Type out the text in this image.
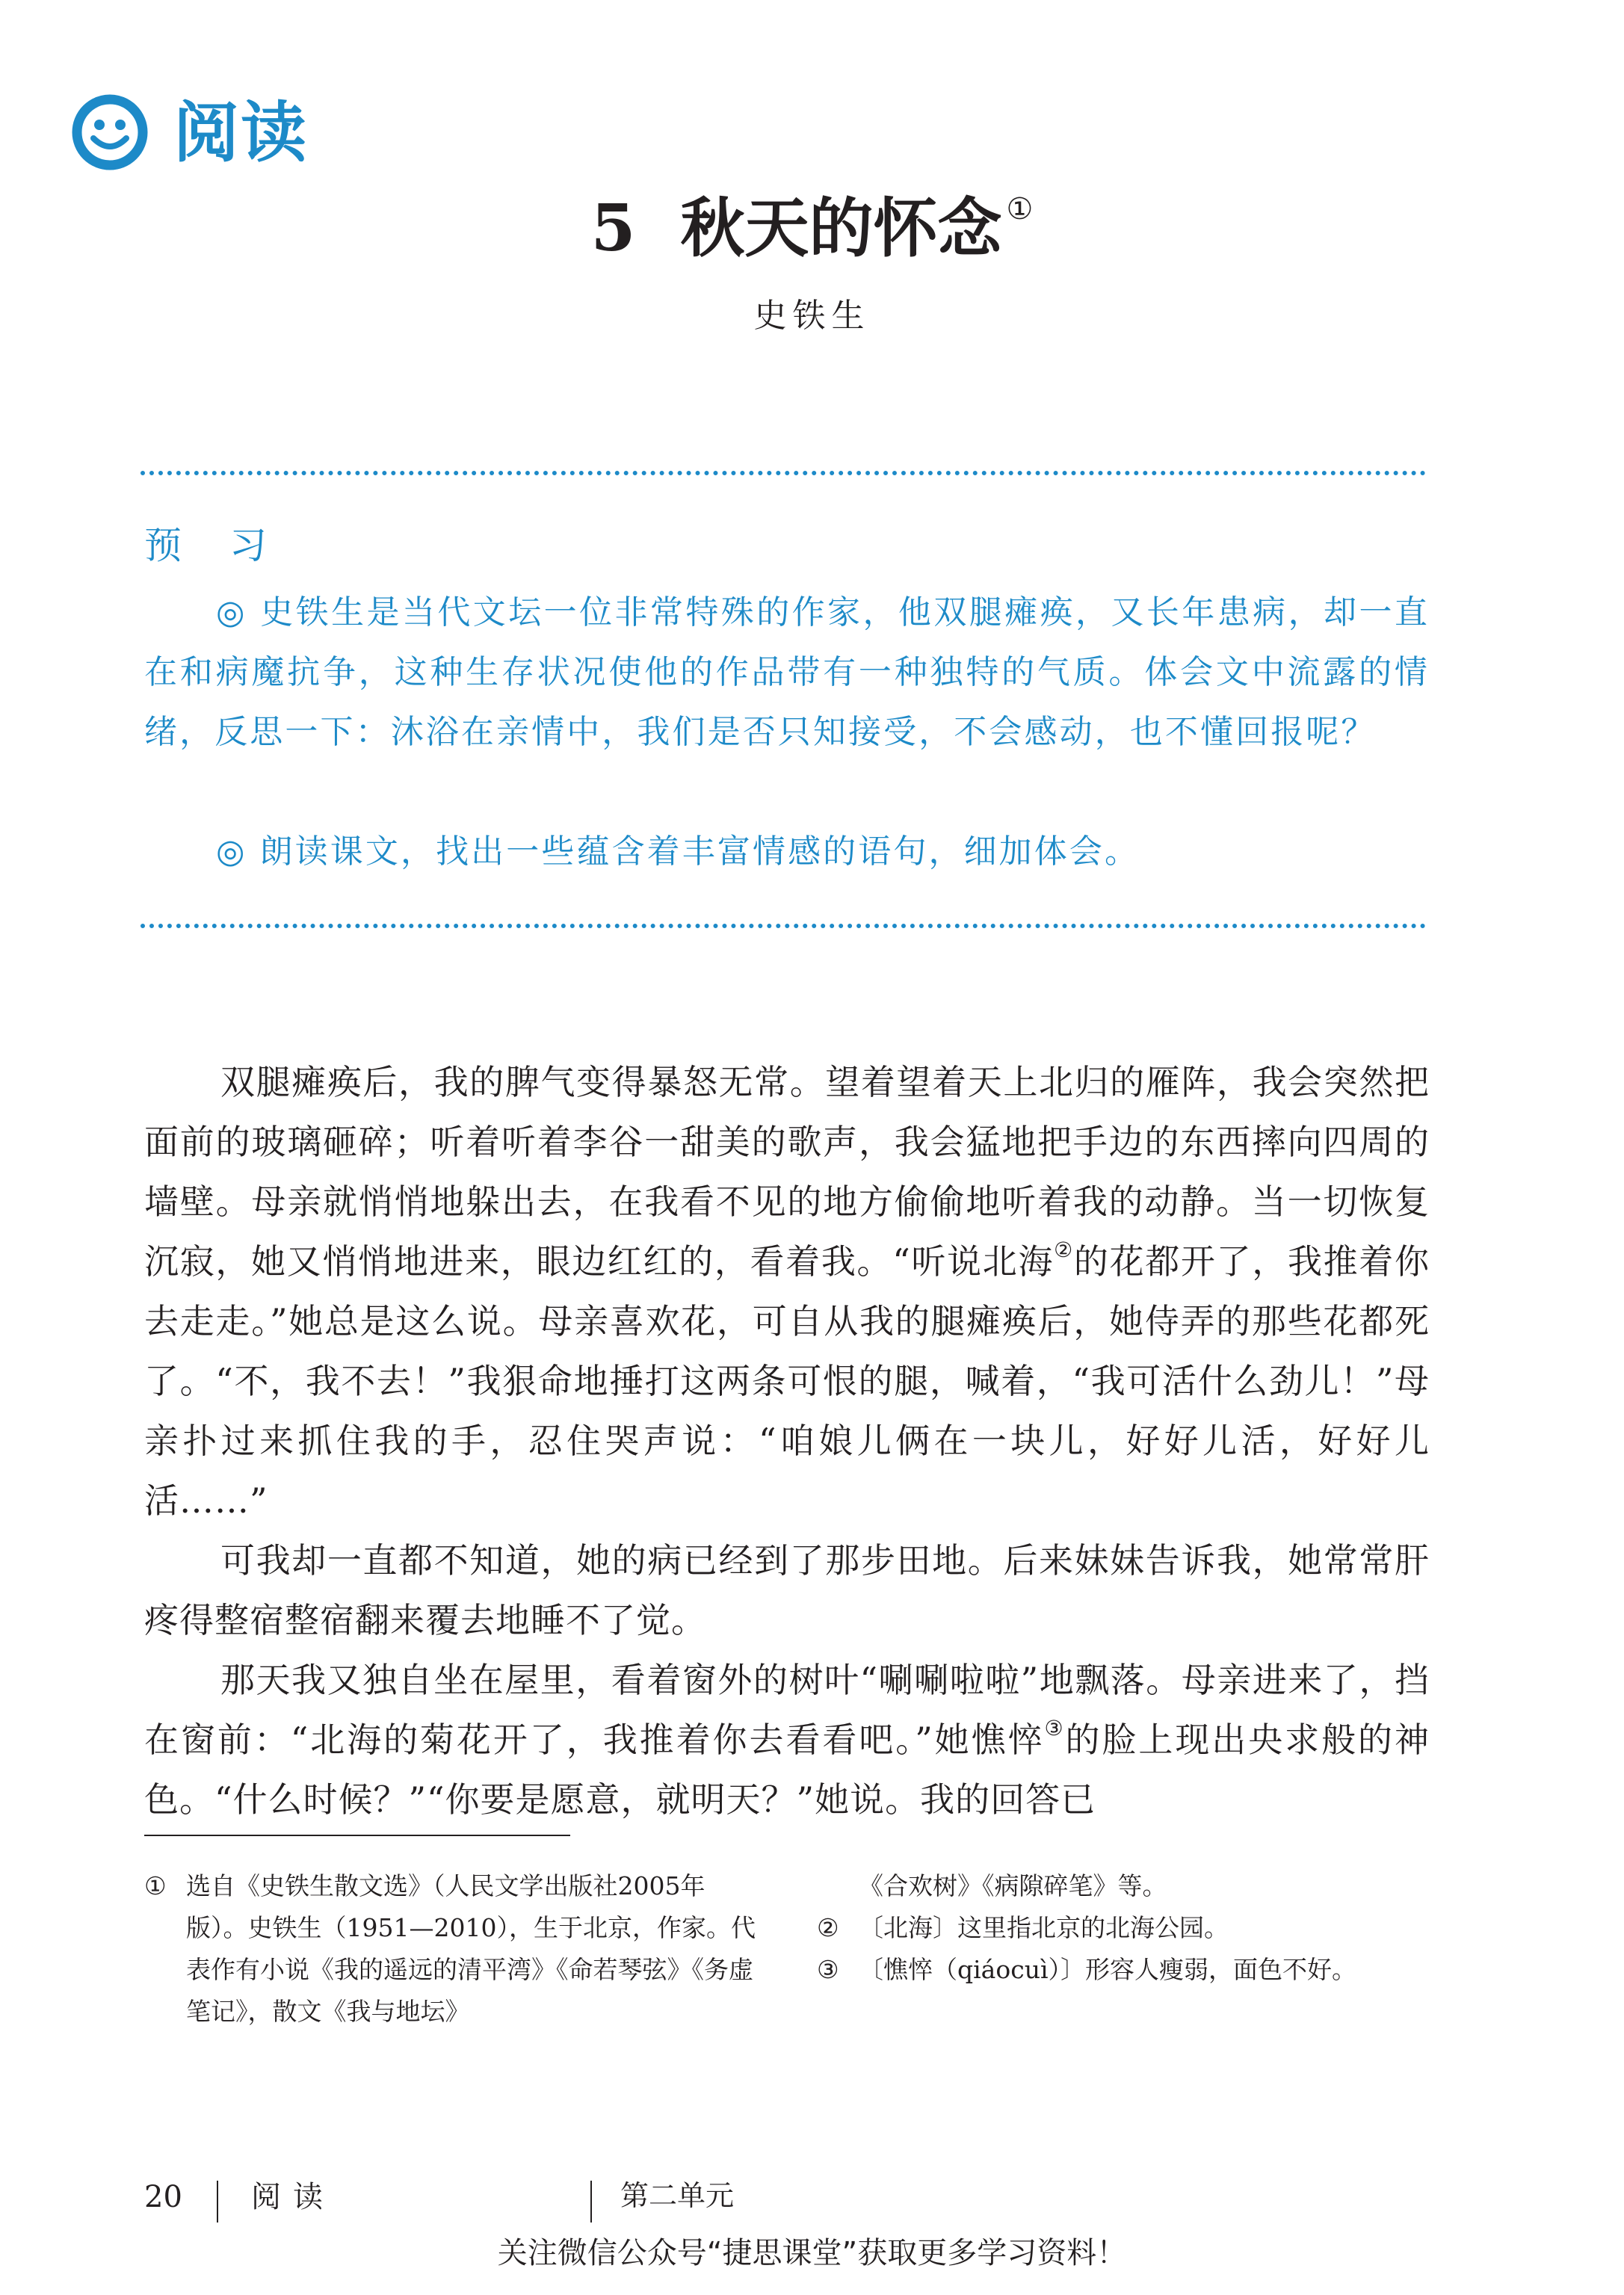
阅读
5 秋天的怀念 ①
史铁生
预 习
◎ 史铁生是当代文坛一位非常特殊的作家，他双腿瘫痪，又长年患病，却一直在和病魔抗争，这种生存状况使他的作品带有一种独特的气质。体会文中流露的情绪，反思一下：沐浴在亲情中，我们是否只知接受，不会感动，也不懂回报呢？
◎ 朗读课文，找出一些蕴含着丰富情感的语句，细加体会。

双腿瘫痪后，我的脾气变得暴怒无常。望着望着天上北归的雁阵，我会突然把面前的玻璃砸碎；听着听着李谷一甜美的歌声，我会猛地把手边的东西摔向四周的墙壁。母亲就悄悄地躲出去，在我看不见的地方偷偷地听着我的动静。当一切恢复沉寂，她又悄悄地进来，眼边红红的，看着我。“听说北海②的花都开了，我推着你去走走。”她总是这么说。母亲喜欢花，可自从我的腿瘫痪后，她侍弄的那些花都死了。“不，我不去！”我狠命地捶打这两条可恨的腿，喊着，“我可活什么劲儿！”母亲扑过来抓住我的手，忍住哭声说：“咱娘儿俩在一块儿，好好儿活，好好儿活……”

可我却一直都不知道，她的病已经到了那步田地。后来妹妹告诉我，她常常肝疼得整宿整宿翻来覆去地睡不了觉。

那天我又独自坐在屋里，看着窗外的树叶“唰唰啦啦”地飘落。母亲进来了，挡在窗前：“北海的菊花开了，我推着你去看看吧。”她憔悴③的脸上现出央求般的神色。“什么时候？”“你要是愿意，就明天？”她说。我的回答已

① 选自《史铁生散文选》（人民文学出版社2005年版）。史铁生（1951—2010），生于北京，作家。代表作有小说《我的遥远的清平湾》《命若琴弦》《务虚笔记》，散文《我与地坛》
《合欢树》《病隙碎笔》等。
② 〔北海〕这里指北京的北海公园。
③ 〔憔悴（qiáocuì）〕形容人瘦弱，面色不好。
20 阅读	第二单元
关注微信公众号“捷思课堂”获取更多学习资料！
